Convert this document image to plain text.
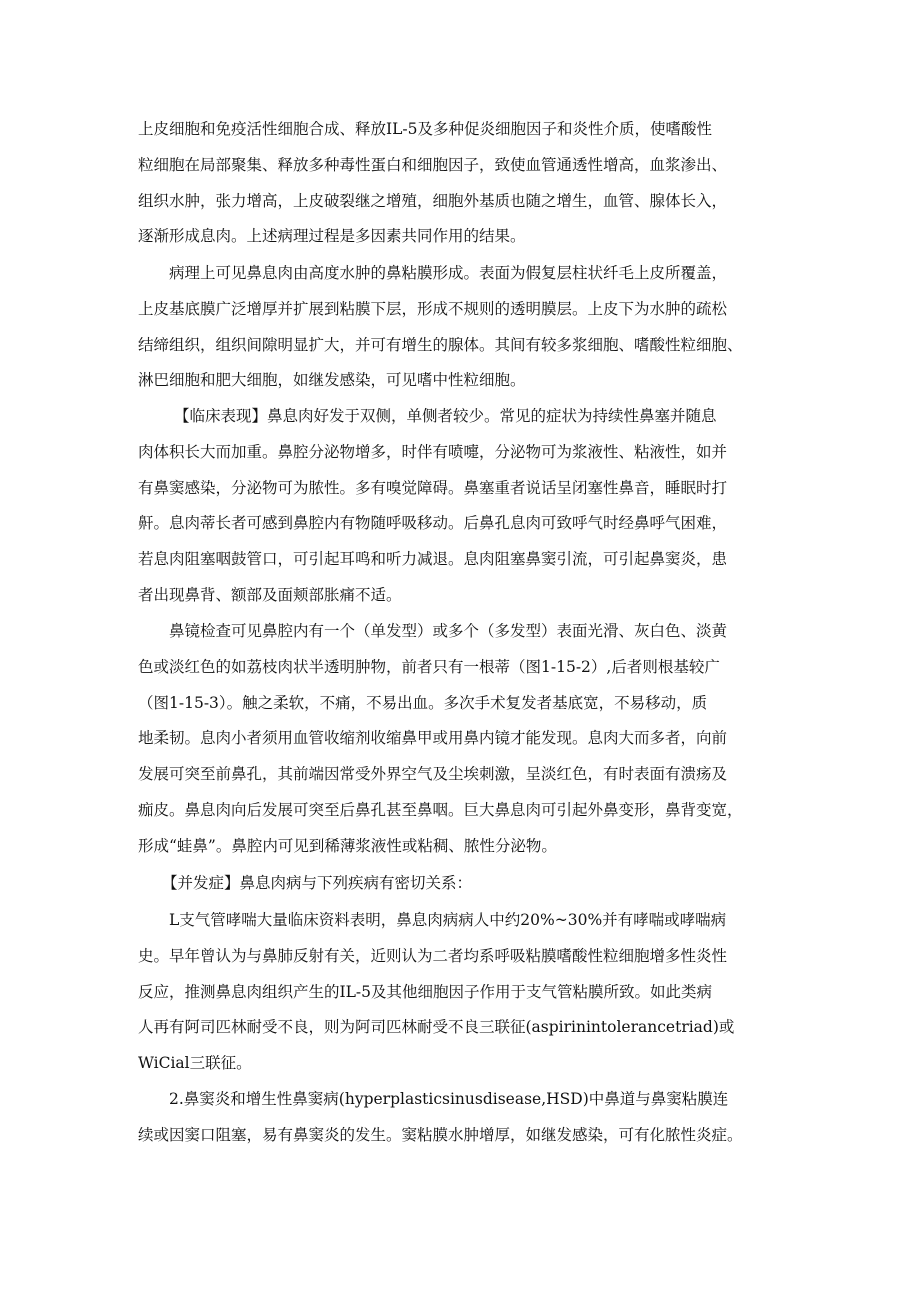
上皮细胞和免疫活性细胞合成、释放IL-5及多种促炎细胞因子和炎性介质，使嗜酸性
粒细胞在局部聚集、释放多种毒性蛋白和细胞因子，致使血管通透性增高，血浆渗出、
组织水肿，张力增高，上皮破裂继之增殖，细胞外基质也随之增生，血管、腺体长入，
逐渐形成息肉。上述病理过程是多因素共同作用的结果。
病理上可见鼻息肉由高度水肿的鼻粘膜形成。表面为假复层柱状纤毛上皮所覆盖，
上皮基底膜广泛增厚并扩展到粘膜下层，形成不规则的透明膜层。上皮下为水肿的疏松
结缔组织，组织间隙明显扩大，并可有增生的腺体。其间有较多浆细胞、嗜酸性粒细胞、
淋巴细胞和肥大细胞，如继发感染，可见嗜中性粒细胞。
【临床表现】鼻息肉好发于双侧，单侧者较少。常见的症状为持续性鼻塞并随息
肉体积长大而加重。鼻腔分泌物增多，时伴有喷嚏，分泌物可为浆液性、粘液性，如并
有鼻窦感染，分泌物可为脓性。多有嗅觉障碍。鼻塞重者说话呈闭塞性鼻音，睡眠时打
鼾。息肉蒂长者可感到鼻腔内有物随呼吸移动。后鼻孔息肉可致呼气时经鼻呼气困难，
若息肉阻塞咽鼓管口，可引起耳鸣和听力减退。息肉阻塞鼻窦引流，可引起鼻窦炎，患
者出现鼻背、额部及面颊部胀痛不适。
鼻镜检查可见鼻腔内有一个（单发型）或多个（多发型）表面光滑、灰白色、淡黄
色或淡红色的如荔枝肉状半透明肿物，前者只有一根蒂（图1-15-2）,后者则根基较广
（图1-15-3）。触之柔软，不痛，不易出血。多次手术复发者基底宽，不易移动，质
地柔韧。息肉小者须用血管收缩剂收缩鼻甲或用鼻内镜才能发现。息肉大而多者，向前
发展可突至前鼻孔，其前端因常受外界空气及尘埃刺激，呈淡红色，有时表面有溃疡及
痂皮。鼻息肉向后发展可突至后鼻孔甚至鼻咽。巨大鼻息肉可引起外鼻变形，鼻背变宽，
形成“蛙鼻”。鼻腔内可见到稀薄浆液性或粘稠、脓性分泌物。
【并发症】鼻息肉病与下列疾病有密切关系：
L支气管哮喘大量临床资料表明，鼻息肉病病人中约20%~30%并有哮喘或哮喘病
史。早年曾认为与鼻肺反射有关，近则认为二者均系呼吸粘膜嗜酸性粒细胞增多性炎性
反应，推测鼻息肉组织产生的IL-5及其他细胞因子作用于支气管粘膜所致。如此类病
人再有阿司匹林耐受不良，则为阿司匹林耐受不良三联征(aspirinintolerancetriad)或
WiCial三联征。
2.鼻窦炎和增生性鼻窦病(hyperplasticsinusdisease,HSD)中鼻道与鼻窦粘膜连
续或因窦口阻塞，易有鼻窦炎的发生。窦粘膜水肿增厚，如继发感染，可有化脓性炎症。
